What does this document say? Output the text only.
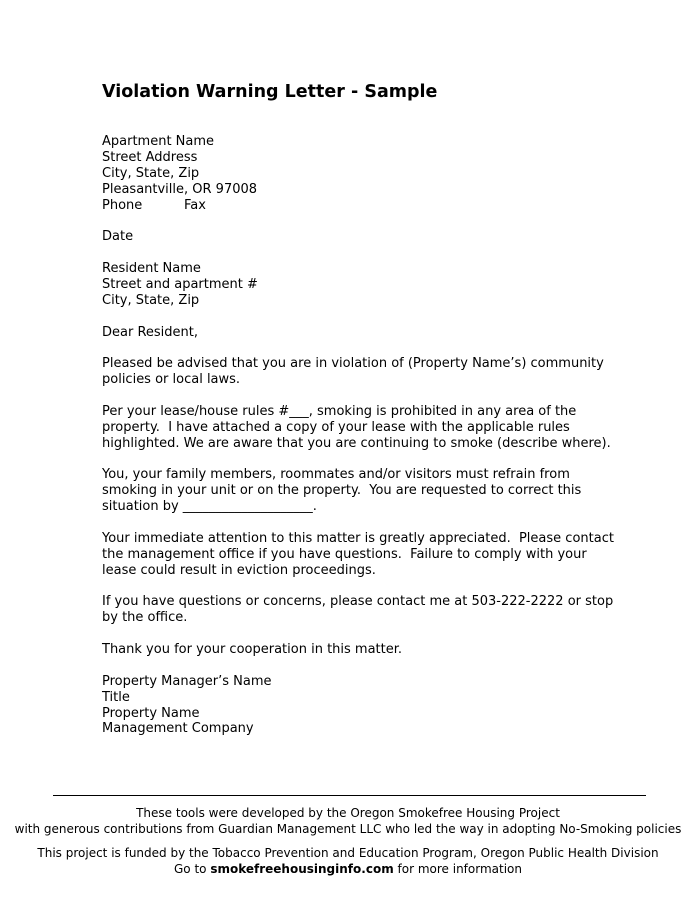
Violation Warning Letter - Sample
Apartment Name
Street Address
City, State, Zip
Pleasantville, OR 97008
Phone	Fax
Date
Resident Name
Street and apartment #
City, State, Zip
Dear Resident,
Pleased be advised that you are in violation of (Property Name’s) community
policies or local laws.
Per your lease/house rules #___, smoking is prohibited in any area of the
property.  I have attached a copy of your lease with the applicable rules
highlighted. We are aware that you are continuing to smoke (describe where).
You, your family members, roommates and/or visitors must refrain from
smoking in your unit or on the property.  You are requested to correct this
situation by ____________________.
Your immediate attention to this matter is greatly appreciated.  Please contact
the management office if you have questions.  Failure to comply with your
lease could result in eviction proceedings.
If you have questions or concerns, please contact me at 503-222-2222 or stop
by the office.
Thank you for your cooperation in this matter.
Property Manager’s Name
Title
Property Name
Management Company
These tools were developed by the Oregon Smokefree Housing Project
with generous contributions from Guardian Management LLC who led the way in adopting No-Smoking policies
This project is funded by the Tobacco Prevention and Education Program, Oregon Public Health Division
Go to smokefreehousinginfo.com for more information
